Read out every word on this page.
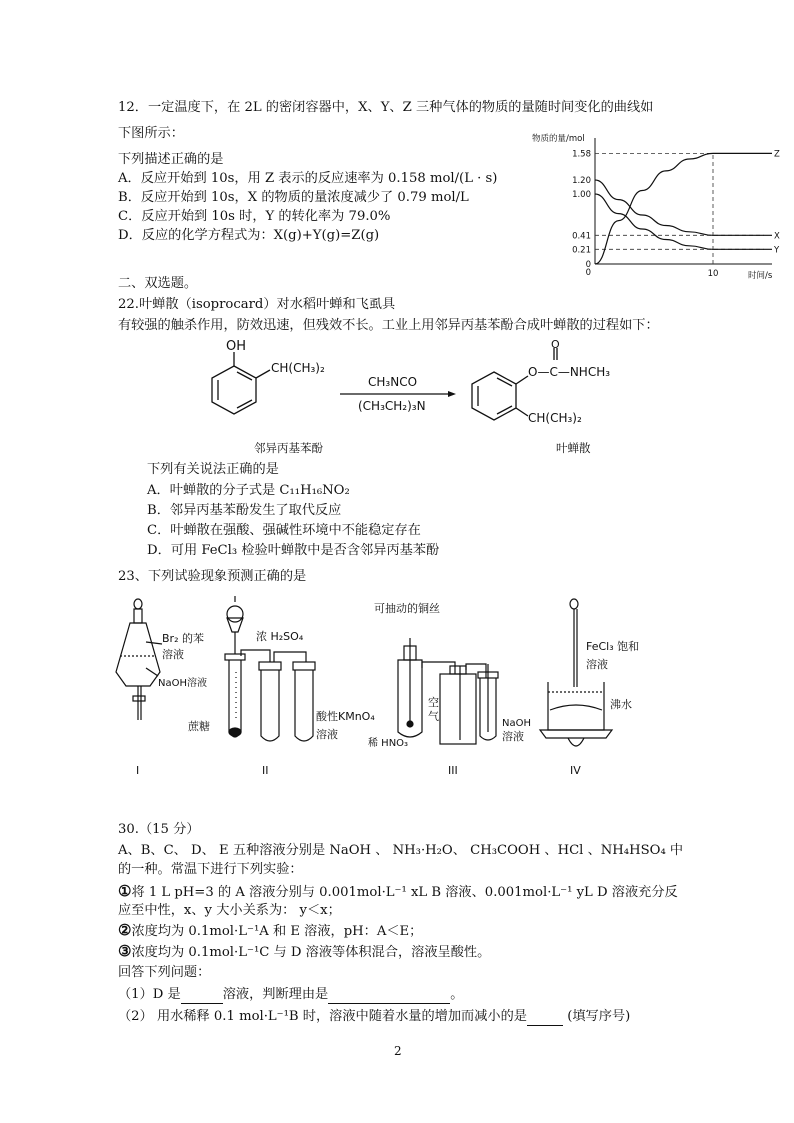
12．一定温度下，在 2L 的密闭容器中，X、Y、Z 三种气体的物质的量随时间变化的曲线如
下图所示：
下列描述正确的是
A．反应开始到 10s，用 Z 表示的反应速率为 0.158 mol/(L · s)
B．反应开始到 10s，X 的物质的量浓度减少了 0.79 mol/L
C．反应开始到 10s 时，Y 的转化率为 79.0%
D．反应的化学方程式为：X(g)+Y(g)=Z(g)
物质的量/mol
时间/s
1.58
1.20
1.00
0.41
0.21
0
0	10
Z
X
Y
二、双选题。
22.叶蝉散（isoprocard）对水稻叶蝉和飞虱具
有较强的触杀作用，防效迅速，但残效不长。工业上用邻异丙基苯酚合成叶蝉散的过程如下：
OH
CH(CH₃)₂
CH₃NCO
(CH₃CH₂)₃N
O
O—C—NHCH₃
CH(CH₃)₂
邻异丙基苯酚	叶蝉散
下列有关说法正确的是
A．叶蝉散的分子式是 C₁₁H₁₆NO₂
B．邻异丙基苯酚发生了取代反应
C．叶蝉散在强酸、强碱性环境中不能稳定存在
D．可用 FeCl₃ 检验叶蝉散中是否含邻异丙基苯酚
23、下列试验现象预测正确的是
Br₂ 的苯
溶液
NaOH溶液
I
浓 H₂SO₄
蔗糖
酸性KMnO₄
溶液
II
可抽动的铜丝
空
气
稀 HNO₃
NaOH
溶液
III
FeCl₃ 饱和
溶液
沸水
IV
30.（15 分）
A、B、C、 D、 E 五种溶液分别是 NaOH 、 NH₃·H₂O、 CH₃COOH 、HCl 、NH₄HSO₄ 中
的一种。常温下进行下列实验：
①将 1 L pH=3 的 A 溶液分别与 0.001mol·L⁻¹ xL B 溶液、0.001mol·L⁻¹ yL D 溶液充分反
应至中性，x、y 大小关系为： y＜x；
②浓度均为 0.1mol·L⁻¹A 和 E 溶液，pH：A＜E；
③浓度均为 0.1mol·L⁻¹C 与 D 溶液等体积混合，溶液呈酸性。
回答下列问题：
（1）D 是	溶液，判断理由是	。
（2） 用水稀释 0.1 mol·L⁻¹B 时，溶液中随着水量的增加而减小的是	(填写序号)
2
